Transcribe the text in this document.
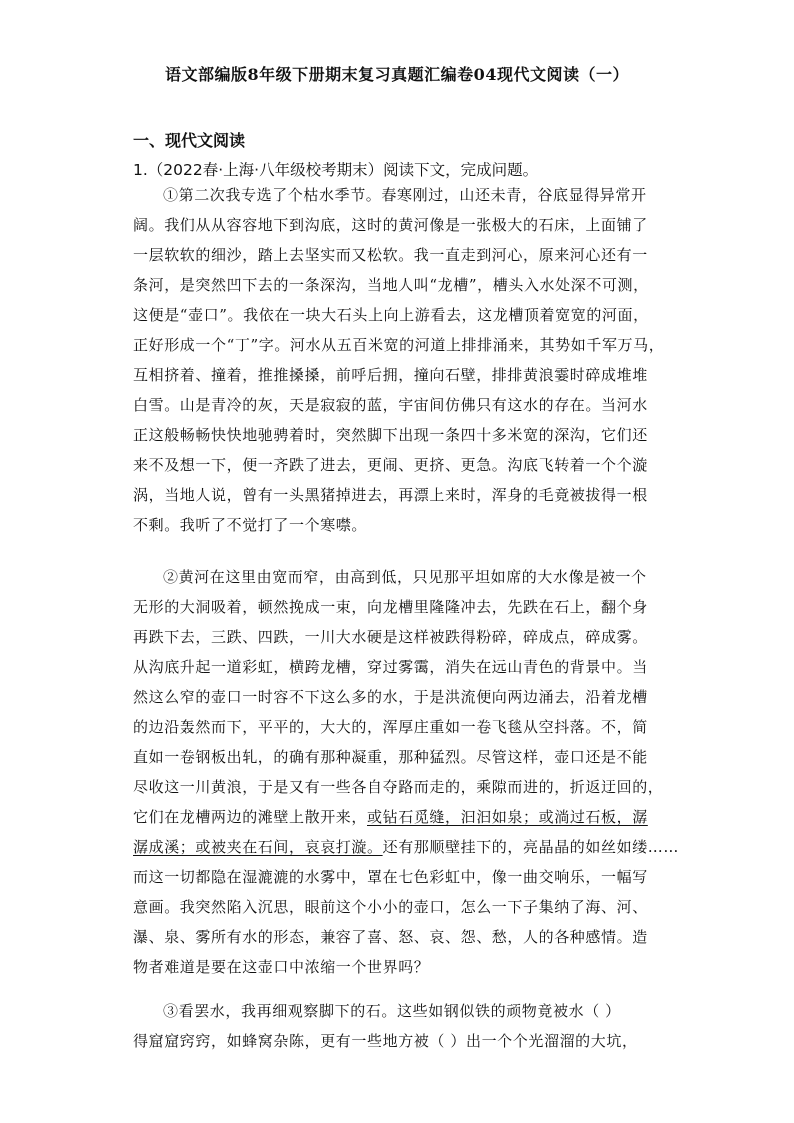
语文部编版8年级下册期末复习真题汇编卷04现代文阅读（一）
一、现代文阅读
1.（2022春·上海·八年级校考期末）阅读下文，完成问题。
①第二次我专选了个枯水季节。春寒刚过，山还未青，谷底显得异常开
阔。我们从从容容地下到沟底，这时的黄河像是一张极大的石床，上面铺了
一层软软的细沙，踏上去坚实而又松软。我一直走到河心，原来河心还有一
条河，是突然凹下去的一条深沟，当地人叫“龙槽”，槽头入水处深不可测，
这便是“壶口”。我依在一块大石头上向上游看去，这龙槽顶着宽宽的河面，
正好形成一个“丁”字。河水从五百米宽的河道上排排涌来，其势如千军万马，
互相挤着、撞着，推推搡搡，前呼后拥，撞向石壁，排排黄浪霎时碎成堆堆
白雪。山是青冷的灰，天是寂寂的蓝，宇宙间仿佛只有这水的存在。当河水
正这般畅畅快快地驰骋着时，突然脚下出现一条四十多米宽的深沟，它们还
来不及想一下，便一齐跌了进去，更闹、更挤、更急。沟底飞转着一个个漩
涡，当地人说，曾有一头黑猪掉进去，再漂上来时，浑身的毛竟被拔得一根
不剩。我听了不觉打了一个寒噤。
②黄河在这里由宽而窄，由高到低，只见那平坦如席的大水像是被一个
无形的大洞吸着，顿然挽成一束，向龙槽里隆隆冲去，先跌在石上，翻个身
再跌下去，三跌、四跌，一川大水硬是这样被跌得粉碎，碎成点，碎成雾。
从沟底升起一道彩虹，横跨龙槽，穿过雾霭，消失在远山青色的背景中。当
然这么窄的壶口一时容不下这么多的水，于是洪流便向两边涌去，沿着龙槽
的边沿轰然而下，平平的，大大的，浑厚庄重如一卷飞毯从空抖落。不，简
直如一卷钢板出轧，的确有那种凝重，那种猛烈。尽管这样，壶口还是不能
尽收这一川黄浪，于是又有一些各自夺路而走的，乘隙而进的，折返迂回的，
它们在龙槽两边的滩壁上散开来，或钻石觅缝，汩汩如泉；或淌过石板，潺
潺成溪；或被夹在石间，哀哀打漩。还有那顺壁挂下的，亮晶晶的如丝如缕……
而这一切都隐在湿漉漉的水雾中，罩在七色彩虹中，像一曲交响乐，一幅写
意画。我突然陷入沉思，眼前这个小小的壶口，怎么一下子集纳了海、河、
瀑、泉、雾所有水的形态，兼容了喜、怒、哀、怨、愁，人的各种感情。造
物者难道是要在这壶口中浓缩一个世界吗？
③看罢水，我再细观察脚下的石。这些如钢似铁的顽物竟被水（ ）
得窟窟窍窍，如蜂窝杂陈，更有一些地方被（ ）出一个个光溜溜的大坑，
